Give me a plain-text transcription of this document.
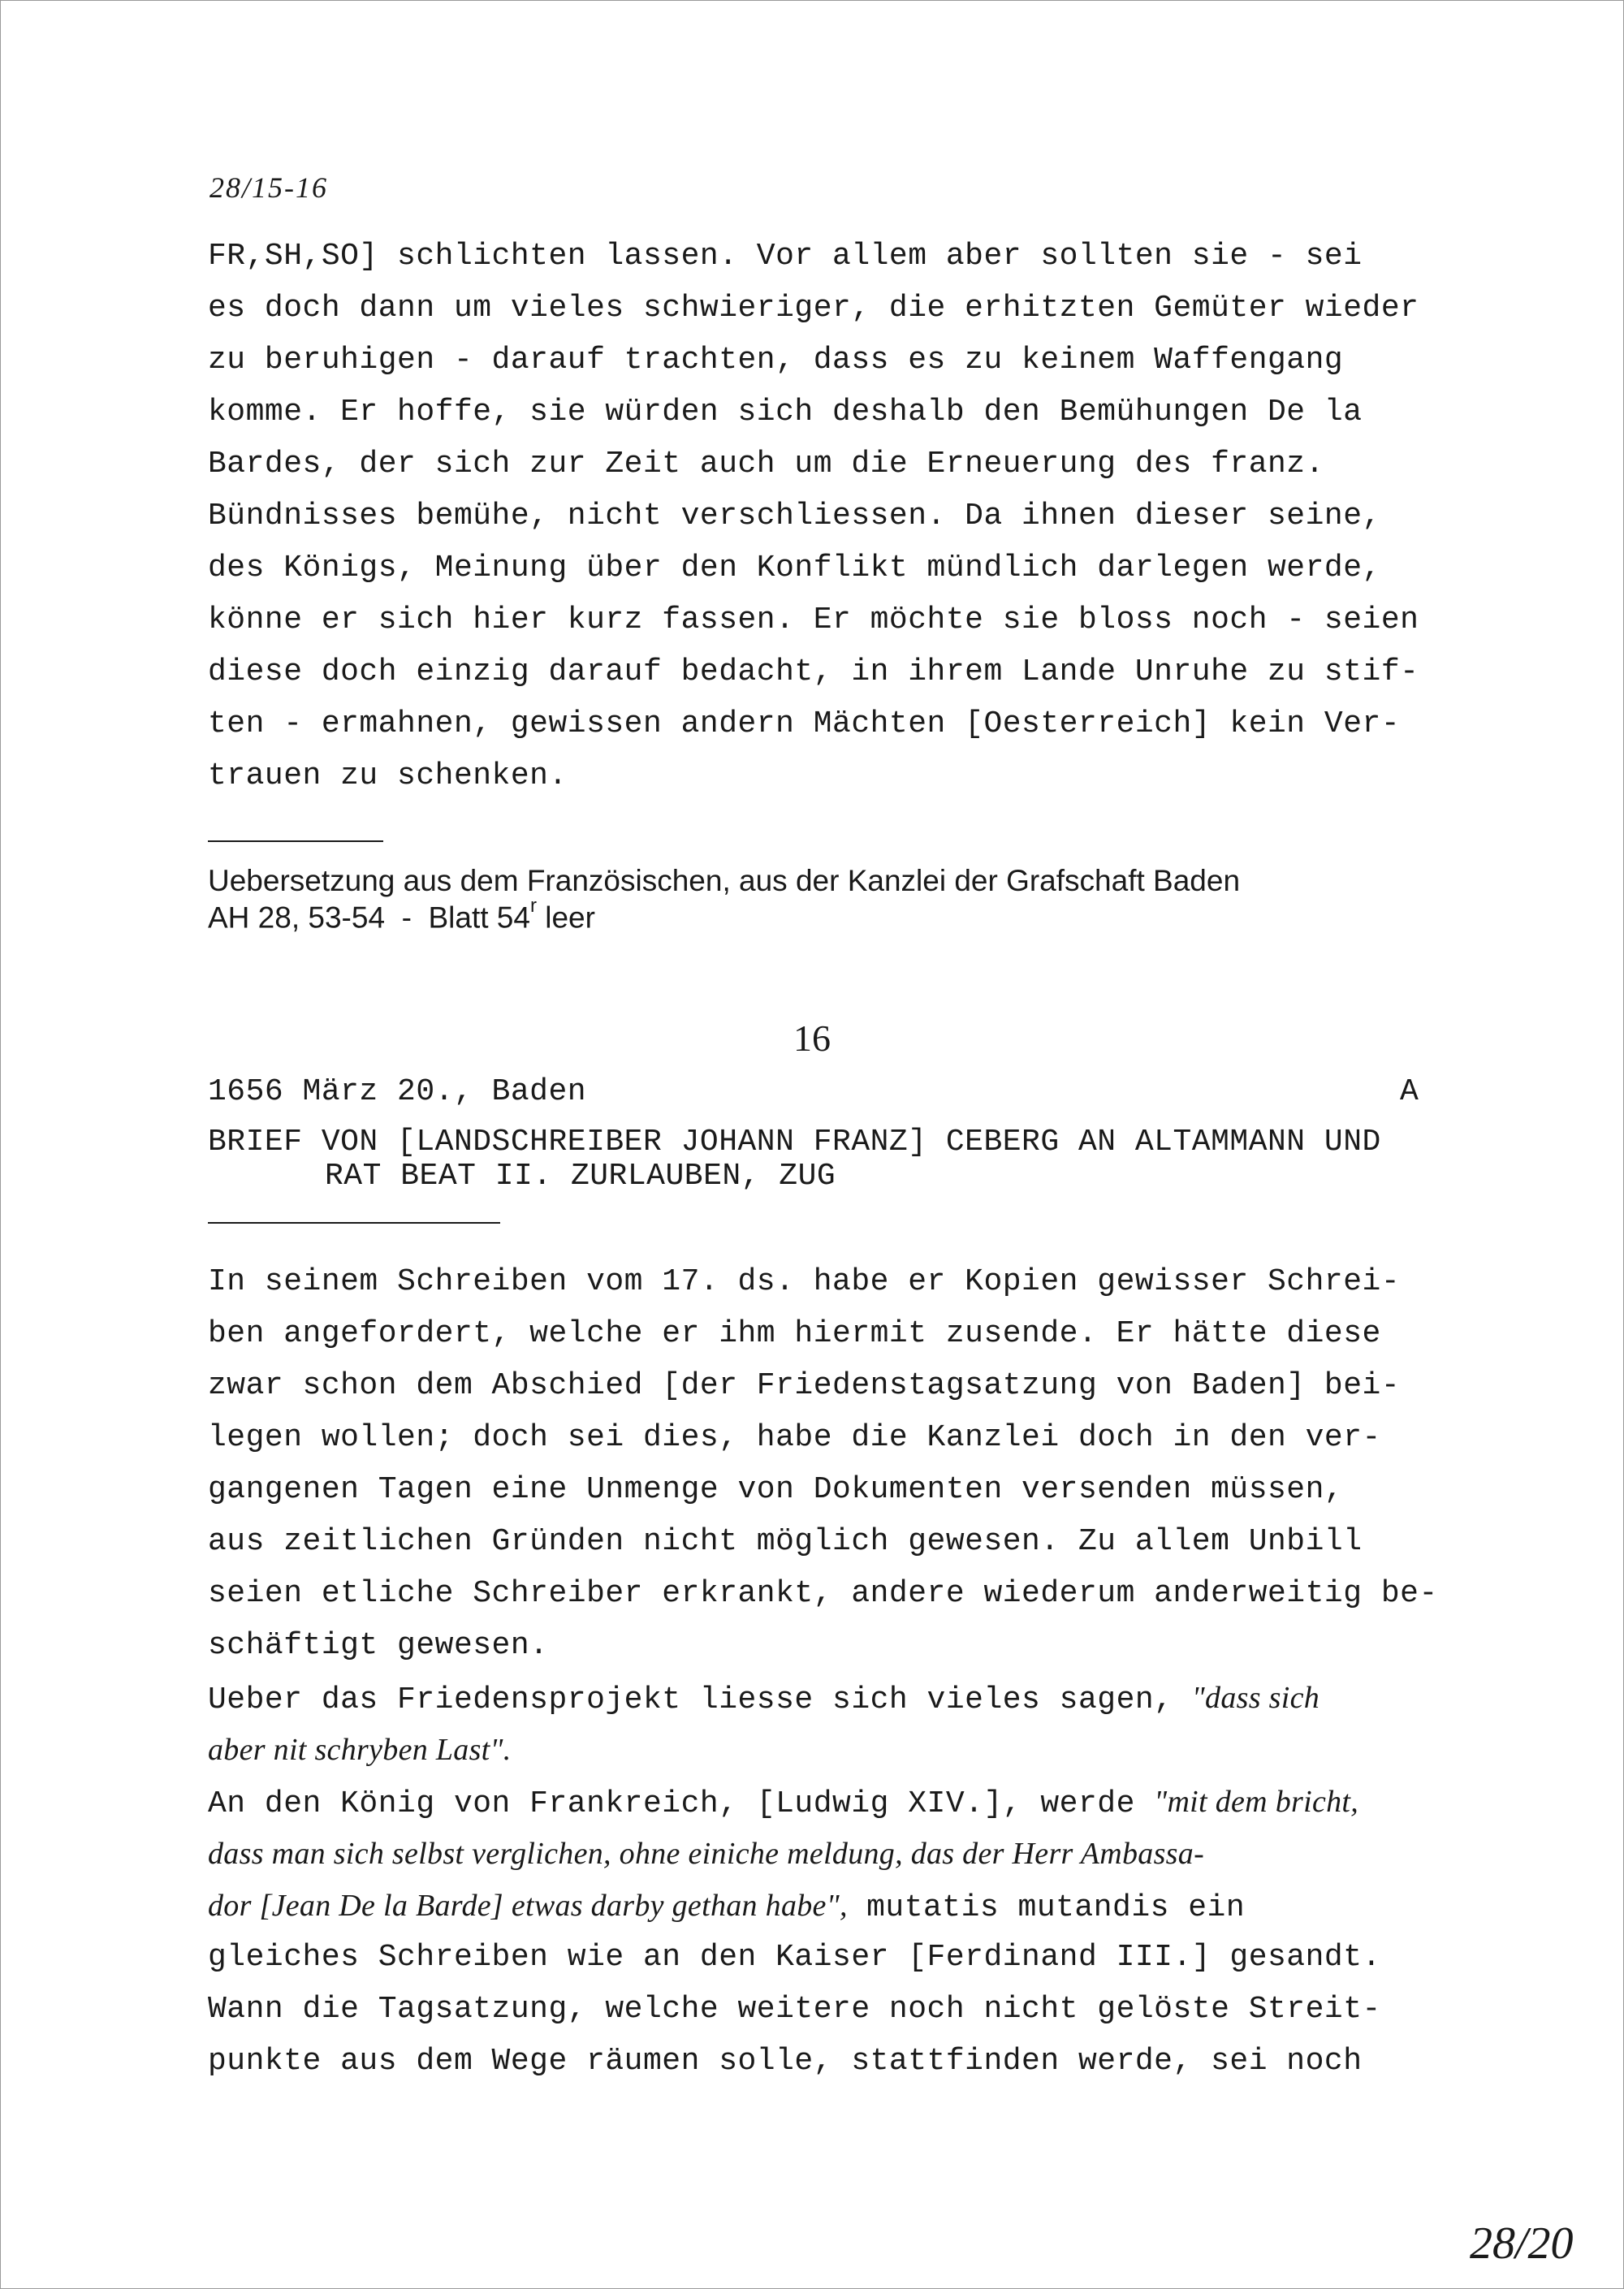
28/15-16
FR,SH,SO] schlichten lassen. Vor allem aber sollten sie - sei
es doch dann um vieles schwieriger, die erhitzten Gemüter wieder
zu beruhigen - darauf trachten, dass es zu keinem Waffengang
komme. Er hoffe, sie würden sich deshalb den Bemühungen De la
Bardes, der sich zur Zeit auch um die Erneuerung des franz.
Bündnisses bemühe, nicht verschliessen. Da ihnen dieser seine,
des Königs, Meinung über den Konflikt mündlich darlegen werde,
könne er sich hier kurz fassen. Er möchte sie bloss noch - seien
diese doch einzig darauf bedacht, in ihrem Lande Unruhe zu stif-
ten - ermahnen, gewissen andern Mächten [Oesterreich] kein Ver-
trauen zu schenken.
Uebersetzung aus dem Französischen, aus der Kanzlei der Grafschaft Baden
AH 28, 53-54  -  Blatt 54$^r$ leer
16
1656 März 20., Baden	A
BRIEF VON [LANDSCHREIBER JOHANN FRANZ] CEBERG AN ALTAMMANN UND
RAT BEAT II. ZURLAUBEN, ZUG
In seinem Schreiben vom 17. ds. habe er Kopien gewisser Schrei-
ben angefordert, welche er ihm hiermit zusende. Er hätte diese
zwar schon dem Abschied [der Friedenstagsatzung von Baden] bei-
legen wollen; doch sei dies, habe die Kanzlei doch in den ver-
gangenen Tagen eine Unmenge von Dokumenten versenden müssen,
aus zeitlichen Gründen nicht möglich gewesen. Zu allem Unbill
seien etliche Schreiber erkrankt, andere wiederum anderweitig be-
schäftigt gewesen.
Ueber das Friedensprojekt liesse sich vieles sagen, "dass sich
aber nit schryben Last".
An den König von Frankreich, [Ludwig XIV.], werde "mit dem bricht,
dass man sich selbst verglichen, ohne einiche meldung, das der Herr Ambassa-
dor [Jean De la Barde] etwas darby gethan habe", mutatis mutandis ein
gleiches Schreiben wie an den Kaiser [Ferdinand III.] gesandt.
Wann die Tagsatzung, welche weitere noch nicht gelöste Streit-
punkte aus dem Wege räumen solle, stattfinden werde, sei noch
28/20
